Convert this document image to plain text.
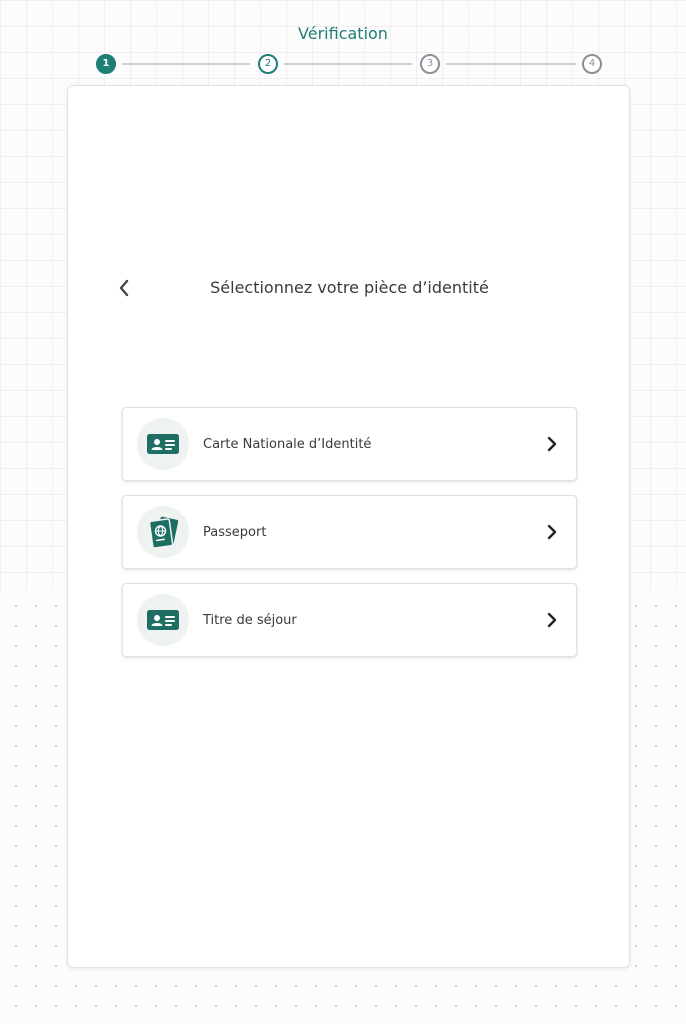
Vérification
1	2	3	4
Sélectionnez votre pièce d’identité
Carte Nationale d’Identité
Passeport
Titre de séjour
